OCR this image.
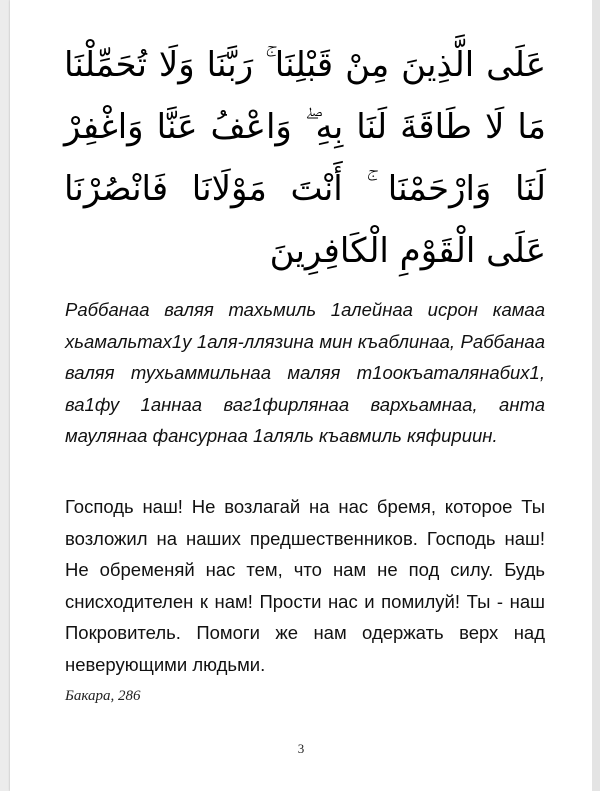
عَلَى الَّذِينَ مِنْ قَبْلِنَا ۚ رَبَّنَا وَلَا تُحَمِّلْنَا مَا لَا طَاقَةَ لَنَا بِهِ ۖ وَاعْفُ عَنَّا وَاغْفِرْ لَنَا وَارْحَمْنَا ۚ أَنْتَ مَوْلَانَا فَانْصُرْنَا عَلَى الْقَوْمِ الْكَافِرِينَ
Раббанаа валяя тахьмиль 1алейнаа исрон камаа хьамальтах1у 1аля-ллязина мин къаблинаа, Раббанаа валяя тухьаммильнаа маляя т1оокъаталянабих1, ва1фу 1аннаа ваг1фирлянаа вархьамнаа, анта маулянаа фансурнаа 1аляль къавмиль кяфириин.
Господь наш! Не возлагай на нас бремя, которое Ты возложил на наших предшественников. Господь наш! Не обременяй нас тем, что нам не под силу. Будь снисходителен к нам! Прости нас и помилуй! Ты - наш Покровитель. Помоги же нам одержать верх над неверующими людьми.
Бакара, 286
3
